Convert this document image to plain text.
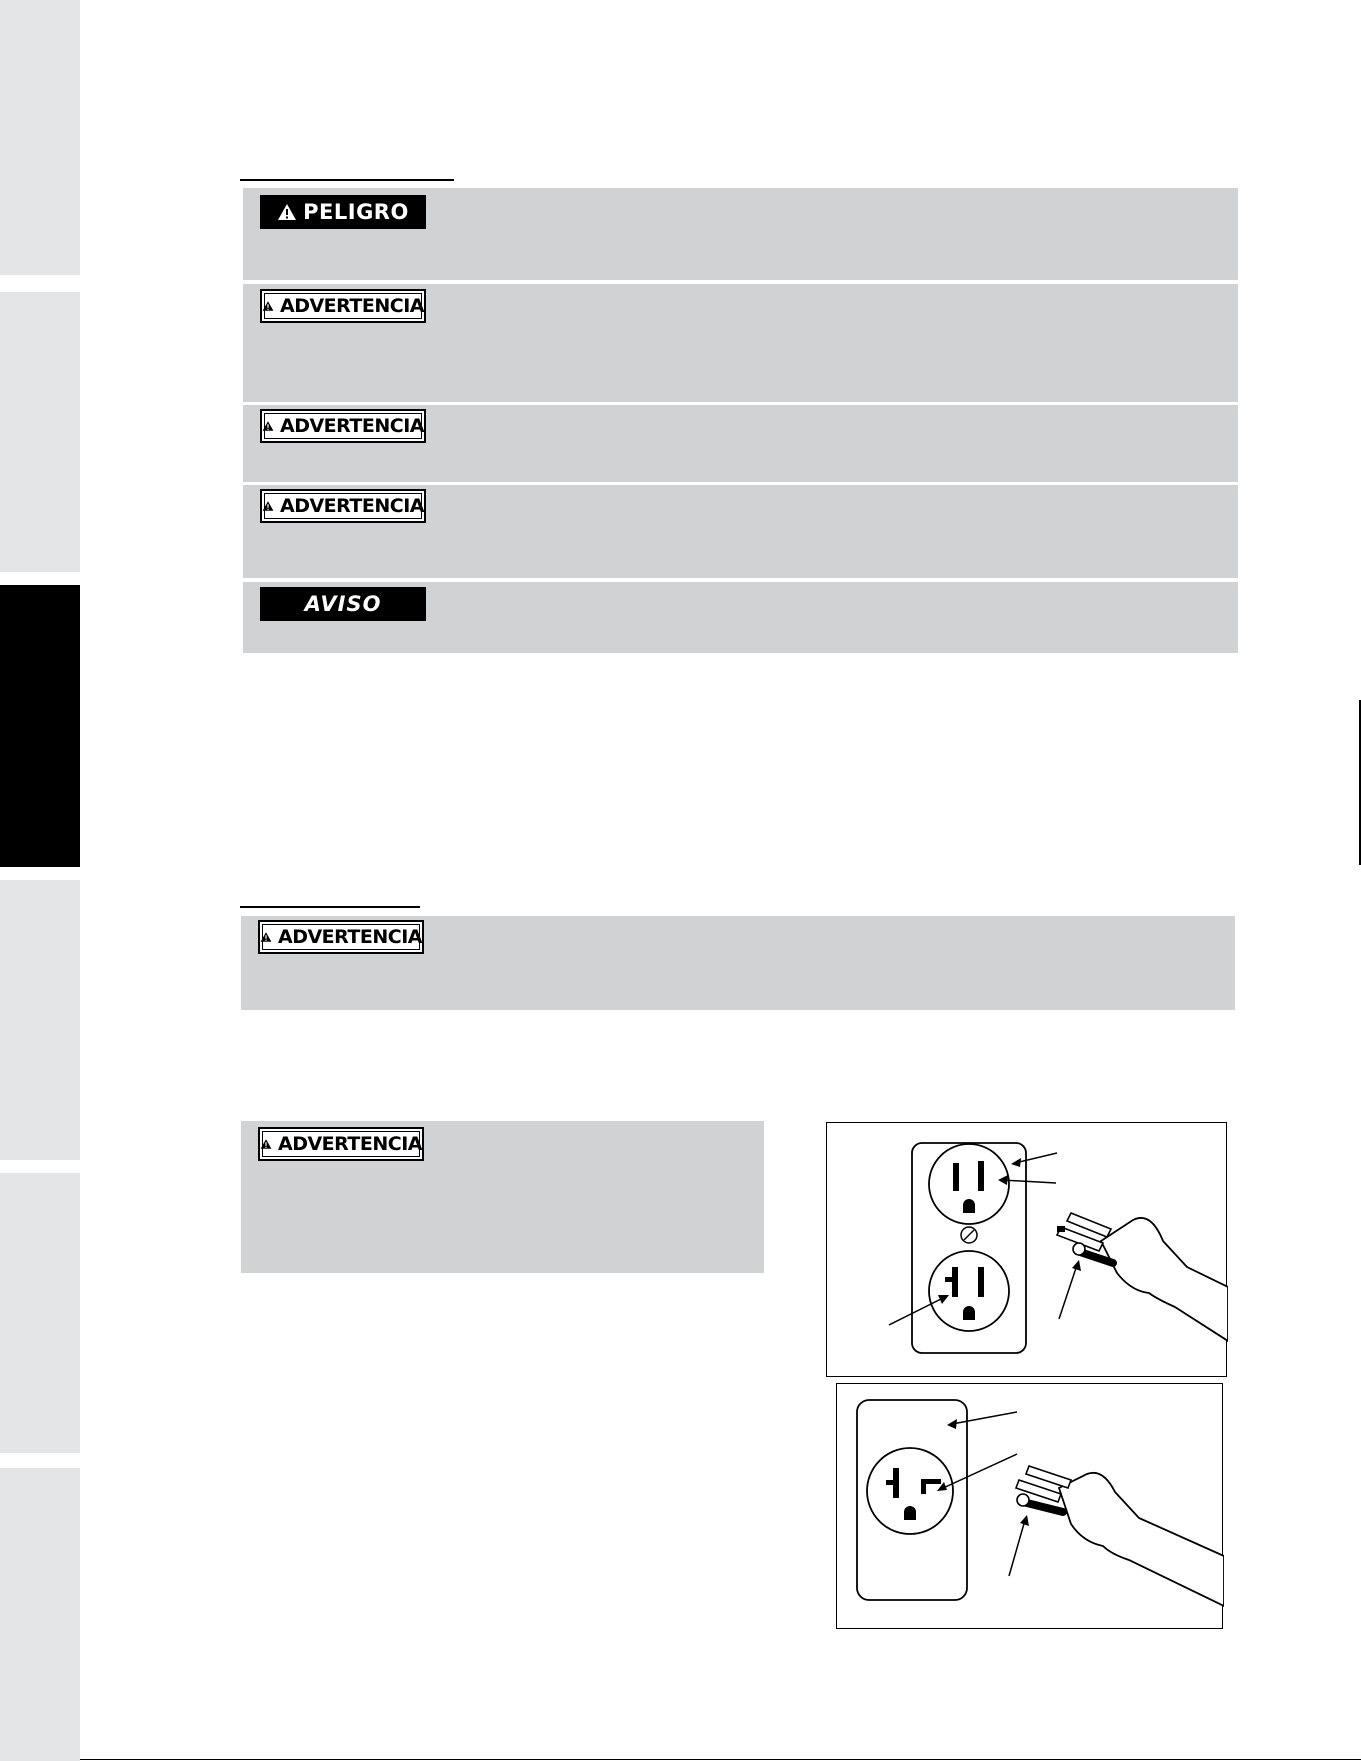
PELIGRO
ADVERTENCIA
ADVERTENCIA
ADVERTENCIA
AVISO
ADVERTENCIA
ADVERTENCIA
